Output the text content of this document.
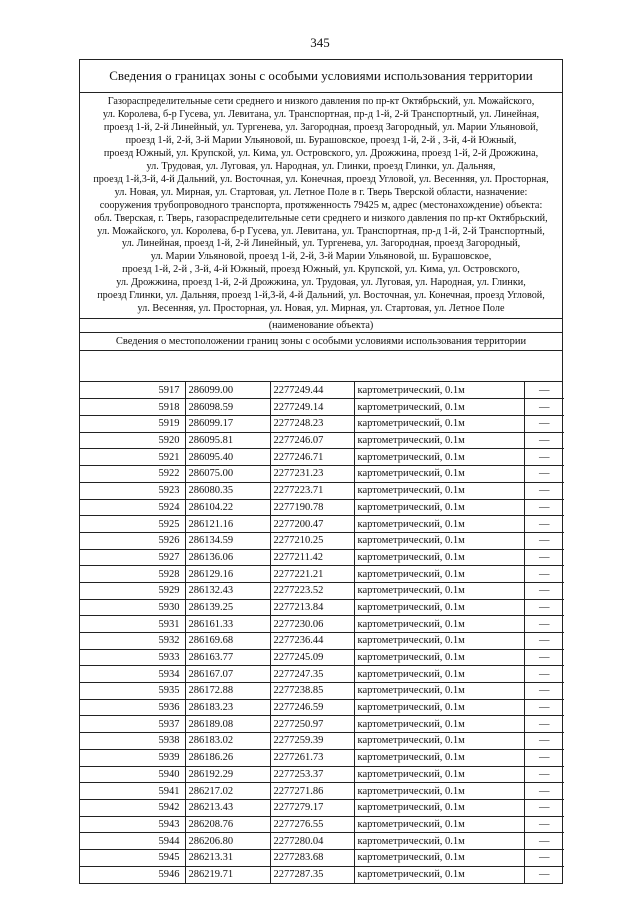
345
Сведения о границах зоны с особыми условиями использования территории
Газораспределительные сети среднего и низкого давления по пр-кт Октябрьский, ул. Можайского,
ул. Королева, б-р Гусева, ул. Левитана, ул. Транспортная, пр-д 1-й, 2-й Транспортный, ул. Линейная,
проезд 1-й, 2-й Линейный, ул. Тургенева, ул. Загородная, проезд Загородный, ул. Марии Ульяновой,
проезд 1-й, 2-й, 3-й Марии Ульяновой, ш. Бурашовское, проезд 1-й, 2-й , 3-й, 4-й Южный,
проезд Южный, ул. Крупской, ул. Кима, ул. Островского, ул. Дрожжина, проезд 1-й, 2-й Дрожжина,
ул. Трудовая, ул. Луговая, ул. Народная, ул. Глинки, проезд Глинки, ул. Дальняя,
проезд 1-й,3-й, 4-й Дальний, ул. Восточная, ул. Конечная, проезд Угловой, ул. Весенняя, ул. Просторная,
ул. Новая, ул. Мирная, ул. Стартовая, ул. Летное Поле в г. Тверь Тверской области, назначение:
сооружения трубопроводного транспорта, протяженность 79425 м, адрес (местонахождение) объекта:
обл. Тверская, г. Тверь, газораспределительные сети среднего и низкого давления по пр-кт Октябрьский,
ул. Можайского, ул. Королева, б-р Гусева, ул. Левитана, ул. Транспортная, пр-д 1-й, 2-й Транспортный,
ул. Линейная, проезд 1-й, 2-й Линейный, ул. Тургенева, ул. Загородная, проезд Загородный,
ул. Марии Ульяновой, проезд 1-й, 2-й, 3-й Марии Ульяновой, ш. Бурашовское,
проезд 1-й, 2-й , 3-й, 4-й Южный, проезд Южный, ул. Крупской, ул. Кима, ул. Островского,
ул. Дрожжина, проезд 1-й, 2-й Дрожжина, ул. Трудовая, ул. Луговая, ул. Народная, ул. Глинки,
проезд Глинки, ул. Дальняя, проезд 1-й,3-й, 4-й Дальний, ул. Восточная, ул. Конечная, проезд Угловой,
ул. Весенняя, ул. Просторная, ул. Новая, ул. Мирная, ул. Стартовая, ул. Летное Поле
(наименование объекта)
Сведения о местоположении границ зоны с особыми условиями использования территории
5917	286099.00	2277249.44	картометрический, 0.1м	—
5918	286098.59	2277249.14	картометрический, 0.1м	—
5919	286099.17	2277248.23	картометрический, 0.1м	—
5920	286095.81	2277246.07	картометрический, 0.1м	—
5921	286095.40	2277246.71	картометрический, 0.1м	—
5922	286075.00	2277231.23	картометрический, 0.1м	—
5923	286080.35	2277223.71	картометрический, 0.1м	—
5924	286104.22	2277190.78	картометрический, 0.1м	—
5925	286121.16	2277200.47	картометрический, 0.1м	—
5926	286134.59	2277210.25	картометрический, 0.1м	—
5927	286136.06	2277211.42	картометрический, 0.1м	—
5928	286129.16	2277221.21	картометрический, 0.1м	—
5929	286132.43	2277223.52	картометрический, 0.1м	—
5930	286139.25	2277213.84	картометрический, 0.1м	—
5931	286161.33	2277230.06	картометрический, 0.1м	—
5932	286169.68	2277236.44	картометрический, 0.1м	—
5933	286163.77	2277245.09	картометрический, 0.1м	—
5934	286167.07	2277247.35	картометрический, 0.1м	—
5935	286172.88	2277238.85	картометрический, 0.1м	—
5936	286183.23	2277246.59	картометрический, 0.1м	—
5937	286189.08	2277250.97	картометрический, 0.1м	—
5938	286183.02	2277259.39	картометрический, 0.1м	—
5939	286186.26	2277261.73	картометрический, 0.1м	—
5940	286192.29	2277253.37	картометрический, 0.1м	—
5941	286217.02	2277271.86	картометрический, 0.1м	—
5942	286213.43	2277279.17	картометрический, 0.1м	—
5943	286208.76	2277276.55	картометрический, 0.1м	—
5944	286206.80	2277280.04	картометрический, 0.1м	—
5945	286213.31	2277283.68	картометрический, 0.1м	—
5946	286219.71	2277287.35	картометрический, 0.1м	—
